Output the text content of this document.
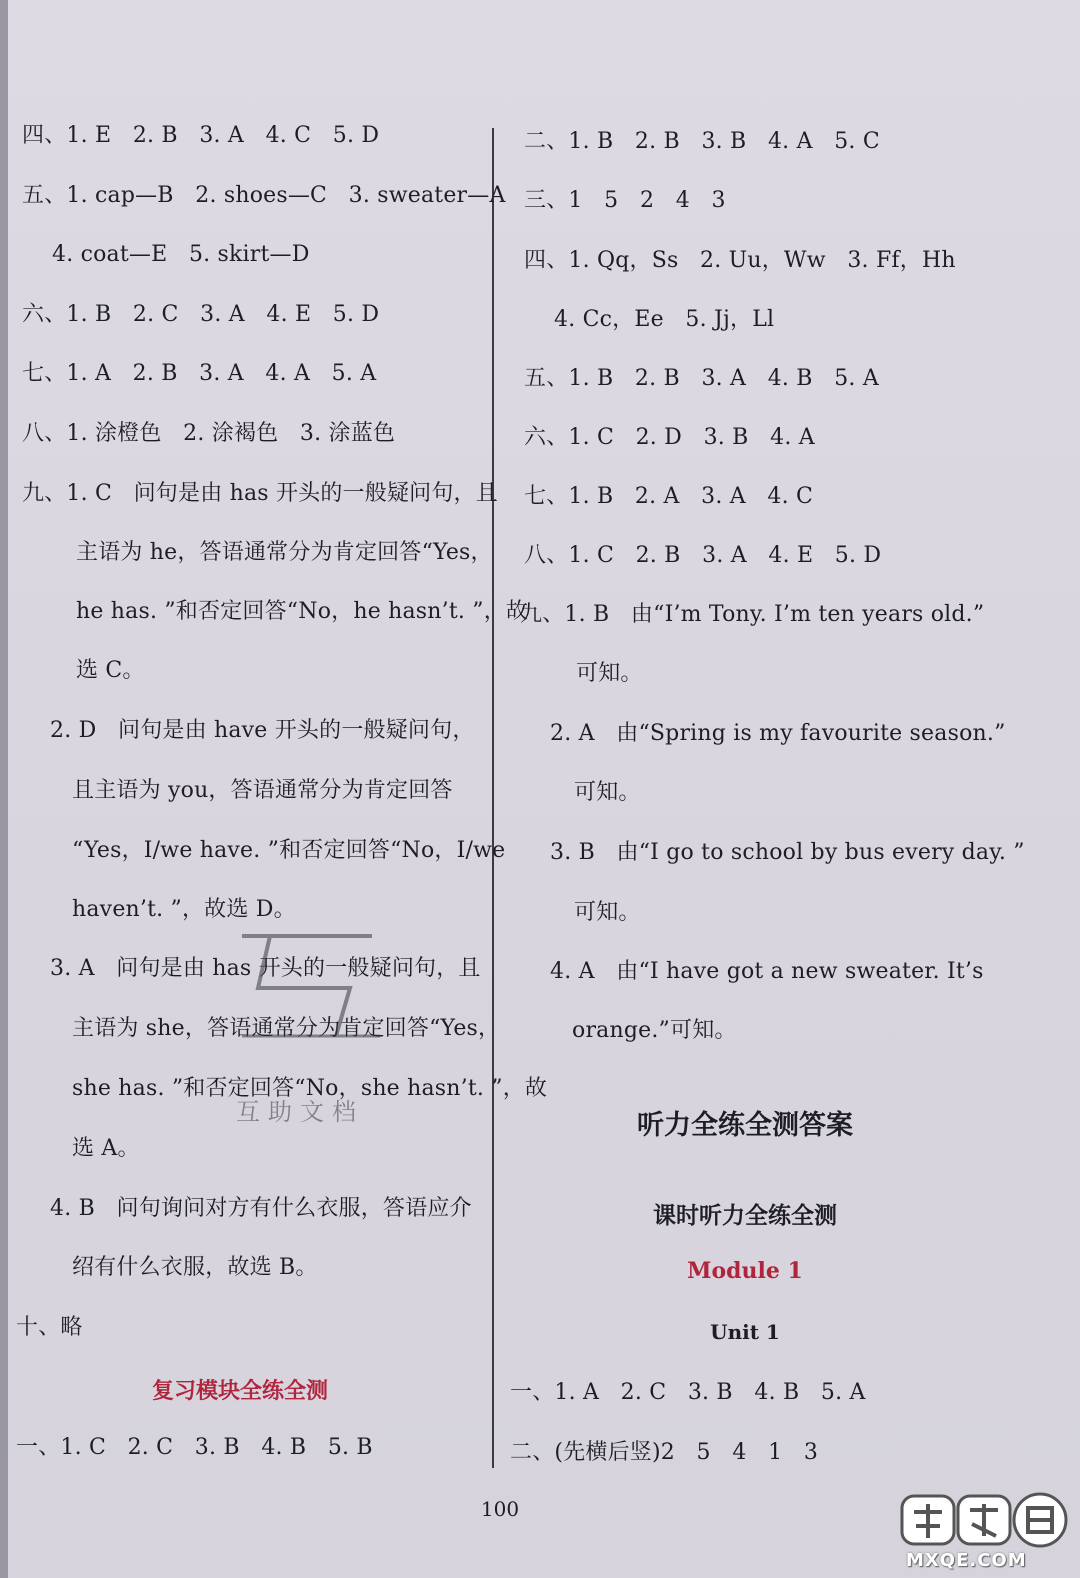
四、1. E   2. B   3. A   4. C   5. D
五、1. cap—B   2. shoes—C   3. sweater—A
4. coat—E   5. skirt—D
六、1. B   2. C   3. A   4. E   5. D
七、1. A   2. B   3. A   4. A   5. A
八、1. 涂橙色   2. 涂褐色   3. 涂蓝色
九、1. C   问句是由 has 开头的一般疑问句，且
主语为 he，答语通常分为肯定回答“Yes，
he has. ”和否定回答“No，he hasn’t. ”，故
选 C。
2. D   问句是由 have 开头的一般疑问句，
且主语为 you，答语通常分为肯定回答
“Yes，I/we have. ”和否定回答“No，I/we
haven’t. ”，故选 D。
3. A   问句是由 has 开头的一般疑问句，且
主语为 she，答语通常分为肯定回答“Yes，
she has. ”和否定回答“No，she hasn’t. ”，故
选 A。
4. B   问句询问对方有什么衣服，答语应介
绍有什么衣服，故选 B。
十、略
复习模块全练全测
一、1. C   2. C   3. B   4. B   5. B
二、1. B   2. B   3. B   4. A   5. C
三、1   5   2   4   3
四、1. Qq，Ss   2. Uu，Ww   3. Ff，Hh
4. Cc，Ee   5. Jj，Ll
五、1. B   2. B   3. A   4. B   5. A
六、1. C   2. D   3. B   4. A
七、1. B   2. A   3. A   4. C
八、1. C   2. B   3. A   4. E   5. D
九、1. B   由“I’m Tony. I’m ten years old.”
可知。
2. A   由“Spring is my favourite season.”
可知。
3. B   由“I go to school by bus every day. ”
可知。
4. A   由“I have got a new sweater. It’s
orange.”可知。
听力全练全测答案
课时听力全练全测
Module 1
Unit 1
一、1. A   2. C   3. B   4. B   5. A
二、(先横后竖)2   5   4   1   3
互助文档
100
MXQE.COM
